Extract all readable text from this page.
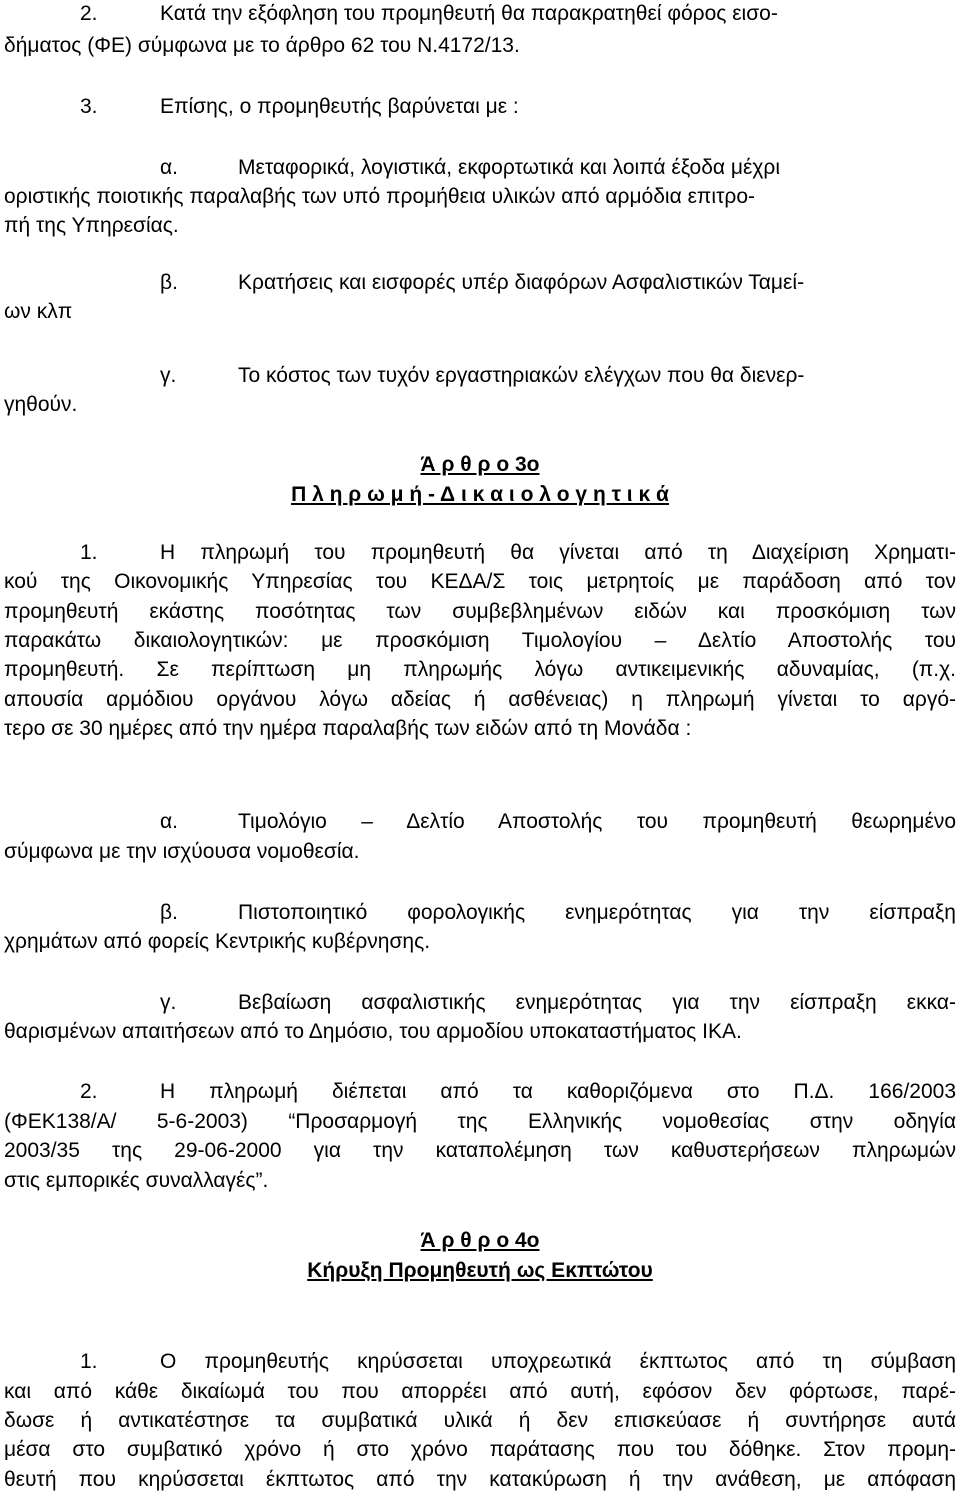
2.	Κατά την εξόφληση του προμηθευτή θα παρακρατηθεί φόρος εισο-
δήματος (ΦΕ) σύμφωνα με το άρθρο 62 του Ν.4172/13.
3.	Επίσης, ο προμηθευτής βαρύνεται με :
α.	Μεταφορικά, λογιστικά, εκφορτωτικά και λοιπά έξοδα μέχρι
οριστικής ποιοτικής παραλαβής των υπό προμήθεια υλικών από αρμόδια επιτρο-
πή της Υπηρεσίας.
β.	Κρατήσεις και εισφορές υπέρ διαφόρων Ασφαλιστικών Ταμεί-
ων κλπ
γ.	Το κόστος των τυχόν εργαστηριακών ελέγχων που θα διενερ-
γηθούν.
Ά ρ θ ρ ο 3ο
Π λ η ρ ω μ ή - Δ ι κ α ι ο λ ο γ η τ ι κ ά
1.	Η πληρωμή του προμηθευτή θα γίνεται από τη Διαχείριση Χρηματι-
κού της Οικονομικής Υπηρεσίας του ΚΕΔΑ/Σ τοις μετρητοίς με παράδοση από τον
προμηθευτή εκάστης ποσότητας των συμβεβλημένων ειδών και προσκόμιση των
παρακάτω δικαιολογητικών: με προσκόμιση Τιμολογίου – Δελτίο Αποστολής του
προμηθευτή. Σε περίπτωση μη πληρωμής λόγω αντικειμενικής αδυναμίας, (π.χ.
απουσία αρμόδιου οργάνου λόγω αδείας ή ασθένειας) η πληρωμή γίνεται το αργό-
τερο σε 30 ημέρες από την ημέρα παραλαβής των ειδών από τη Μονάδα :
α.	Τιμολόγιο – Δελτίο Αποστολής του προμηθευτή θεωρημένο
σύμφωνα με την ισχύουσα νομοθεσία.
β.	Πιστοποιητικό φορολογικής ενημερότητας για την είσπραξη
χρημάτων από φορείς Κεντρικής κυβέρνησης.
γ.	Βεβαίωση ασφαλιστικής ενημερότητας για την είσπραξη εκκα-
θαρισμένων απαιτήσεων από το Δημόσιο, του αρμοδίου υποκαταστήματος ΙΚΑ.
2.	Η πληρωμή διέπεται από τα καθοριζόμενα στο Π.Δ. 166/2003
(ΦΕΚ138/Α/ 5-6-2003) “Προσαρμογή της Ελληνικής νομοθεσίας στην οδηγία
2003/35 της 29-06-2000 για την καταπολέμηση των καθυστερήσεων πληρωμών
στις εμπορικές συναλλαγές”.
Ά ρ θ ρ ο 4ο
Κήρυξη Προμηθευτή ως Εκπτώτου
1.	Ο προμηθευτής κηρύσσεται υποχρεωτικά έκπτωτος από τη σύμβαση
και από κάθε δικαίωμά του που απορρέει από αυτή, εφόσον δεν φόρτωσε, παρέ-
δωσε ή αντικατέστησε τα συμβατικά υλικά ή δεν επισκεύασε ή συντήρησε αυτά
μέσα στο συμβατικό χρόνο ή στο χρόνο παράτασης που του δόθηκε. Στον προμη-
θευτή που κηρύσσεται έκπτωτος από την κατακύρωση ή την ανάθεση, με απόφαση
